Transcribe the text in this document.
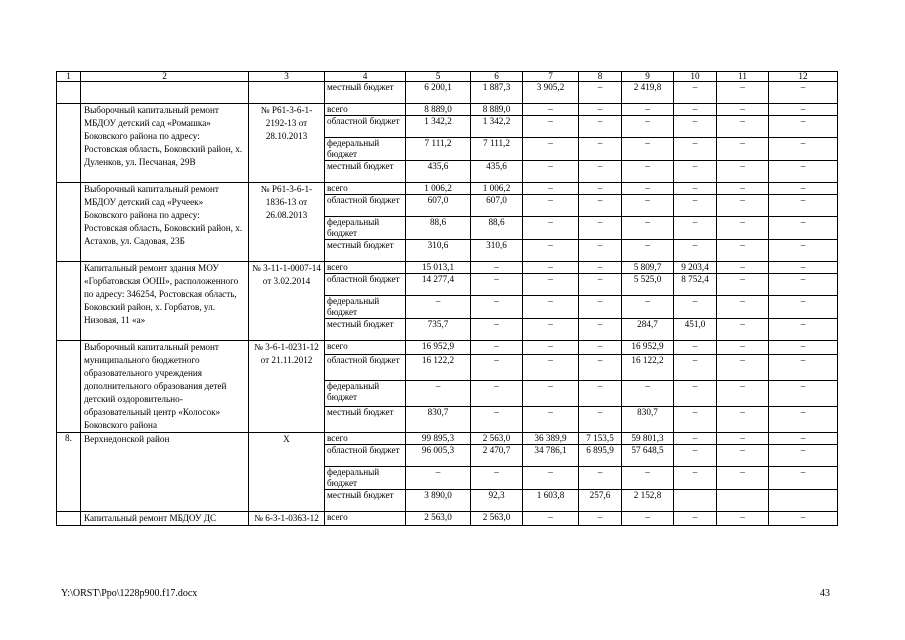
1	2	3	4	5	6	7	8	9	10	11	12
			местный бюджет	6 200,1	1 887,3	3 905,2	–	2 419,8	–	–	–
	Выборочный капитальный ремонт МБДОУ детский сад «Ромашка» Боковского района по адресу: Ростовская область, Боковский район, х. Дуленков, ул. Песчаная, 29В	№ Р61-3-6-1-2192-13 от 28.10.2013	всего	8 889,0	8 889,0	–	–	–	–	–	–
			областной бюджет	1 342,2	1 342,2	–	–	–	–	–	–
			федеральный бюджет	7 111,2	7 111,2	–	–	–	–	–	–
			местный бюджет	435,6	435,6	–	–	–	–	–	–
	Выборочный капитальный ремонт МБДОУ детский сад «Ручеек» Боковского района по адресу: Ростовская область, Боковский район, х. Астахов, ул. Садовая, 23Б	№ Р61-3-6-1-1836-13 от 26.08.2013	всего	1 006,2	1 006,2	–	–	–	–	–	–
			областной бюджет	607,0	607,0	–	–	–	–	–	–
			федеральный бюджет	88,6	88,6	–	–	–	–	–	–
			местный бюджет	310,6	310,6	–	–	–	–	–	–
	Капитальный ремонт здания МОУ «Горбатовская ООШ», расположенного по адресу: 346254, Ростовская область, Боковский район, х. Горбатов, ул. Низовая, 11 «а»	№ 3-11-1-0007-14 от 3.02.2014	всего	15 013,1	–	–	–	5 809,7	9 203,4	–	–
			областной бюджет	14 277,4	–	–	–	5 525,0	8 752,4	–	–
			федеральный бюджет	–	–	–	–	–	–	–	–
			местный бюджет	735,7	–	–	–	284,7	451,0	–	–
	Выборочный капитальный ремонт муниципального бюджетного образовательного учреждения дополнительного образования детей детский оздоровительно-образовательный центр «Колосок» Боковского района	№ 3-6-1-0231-12 от 21.11.2012	всего	16 952,9	–	–	–	16 952,9	–	–	–
			областной бюджет	16 122,2	–	–	–	16 122,2	–	–	–
			федеральный бюджет	–	–	–	–	–	–	–	–
			местный бюджет	830,7	–	–	–	830,7	–	–	–
8.	Верхнедонской район	Х	всего	99 895,3	2 563,0	36 389,9	7 153,5	59 801,3	–	–	–
			областной бюджет	96 005,3	2 470,7	34 786,1	6 895,9	57 648,5	–	–	–
			федеральный бюджет	–	–	–	–	–	–	–	–
			местный бюджет	3 890,0	92,3	1 603,8	257,6	2 152,8			
	Капитальный ремонт МБДОУ ДС	№ 6-3-1-0363-12	всего	2 563,0	2 563,0	–	–	–	–	–	–
Y:\ORST\Ppo\1228p900.f17.docx	43
